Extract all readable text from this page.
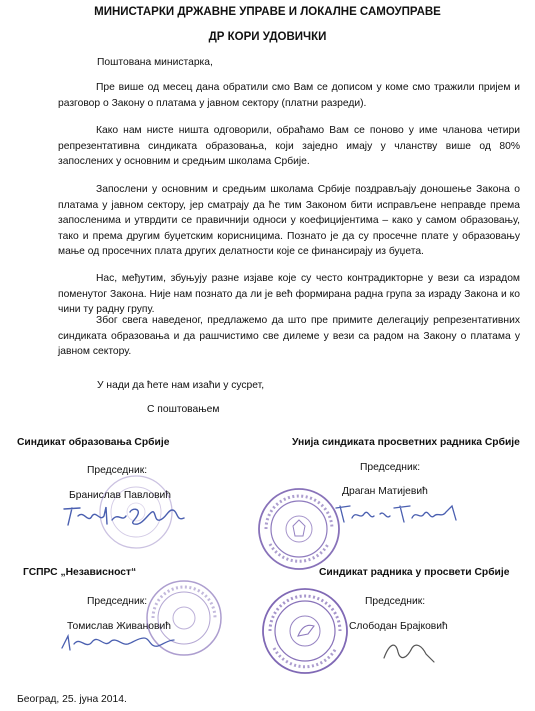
МИНИСТАРКИ ДРЖАВНЕ УПРАВЕ И ЛОКАЛНЕ САМОУПРАВЕ
ДР КОРИ УДОВИЧКИ
Поштована министарка,

Пре више од месец дана обратили смо Вам се дописом у коме смо тражили пријем и разговор о Закону о платама у јавном сектору (платни разреди).

Како нам нисте ништа одговорили, обраћамо Вам се поново у име чланова четири репрезентативна синдиката образовања, који заједно имају у чланству више од 80% запослених у основним и средњим школама Србије.

Запослени у основним и средњим школама Србије поздрављају доношење Закона о платама у јавном сектору, јер сматрају да ће тим Законом бити исправљене неправде према запосленима и утврдити се правичнији односи у коефицијентима – како у самом образовању, тако и према другим буџетским корисницима. Познато је да су просечне плате у образовању мање од просечних плата других делатности које се финансирају из буџета.

Нас, међутим, збуњују разне изјаве које су често контрадикторне у вези са израдом поменутог Закона. Није нам познато да ли је већ формирана радна група за израду Закона и ко чини ту радну групу.

Због свега наведеног, предлажемо да што пре примите делегацију репрезентативних синдиката образовања и да рашчистимо све дилеме у вези са радом на Закону о платама у јавном сектору.

У нади да ћете нам изаћи у сусрет,
С поштовањем
Синдикат образовања Србије
Председник:
Бранислав Павловић
Унија синдиката просветних радника Србије
Председник:
Драган Матијевић
ГСПРС „Независност“
Председник:
Томислав Живановић
Синдикат радника у просвети Србије
Председник:
Слободан Брајковић
Београд, 25. јуна 2014.
